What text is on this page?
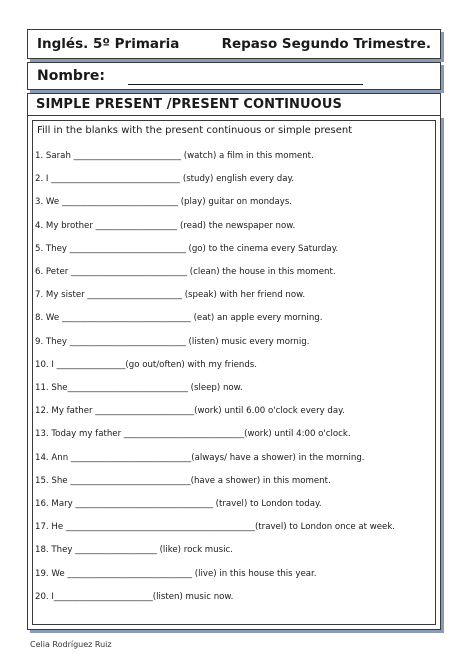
Inglés. 5º Primaria	Repaso Segundo Trimestre.
Nombre:
SIMPLE PRESENT /PRESENT CONTINUOUS
Fill in the blanks with the present continuous or simple present
1. Sarah _________________________ (watch) a film in this moment.
2. I ______________________________ (study) english every day.
3. We ___________________________ (play) guitar on mondays.
4. My brother ___________________ (read) the newspaper now.
5. They ___________________________ (go) to the cinema every Saturday.
6. Peter ___________________________ (clean) the house in this moment.
7. My sister ______________________ (speak) with her friend now.
8. We ______________________________ (eat) an apple every morning.
9. They ___________________________ (listen) music every mornig.
10. I ________________(go out/often) with my friends.
11. She____________________________ (sleep) now.
12. My father _______________________(work) until 6.00 o'clock every day.
13. Today my father ____________________________(work) until 4:00 o'clock.
14. Ann ____________________________(always/ have a shower) in the morning.
15. She ____________________________(have a shower) in this moment.
16. Mary ________________________________ (travel) to London today.
17. He ____________________________________________(travel) to London once at week.
18. They ___________________ (like) rock music.
19. We _____________________________ (live) in this house this year.
20. I_______________________(listen) music now.
Celia Rodríguez Ruiz
